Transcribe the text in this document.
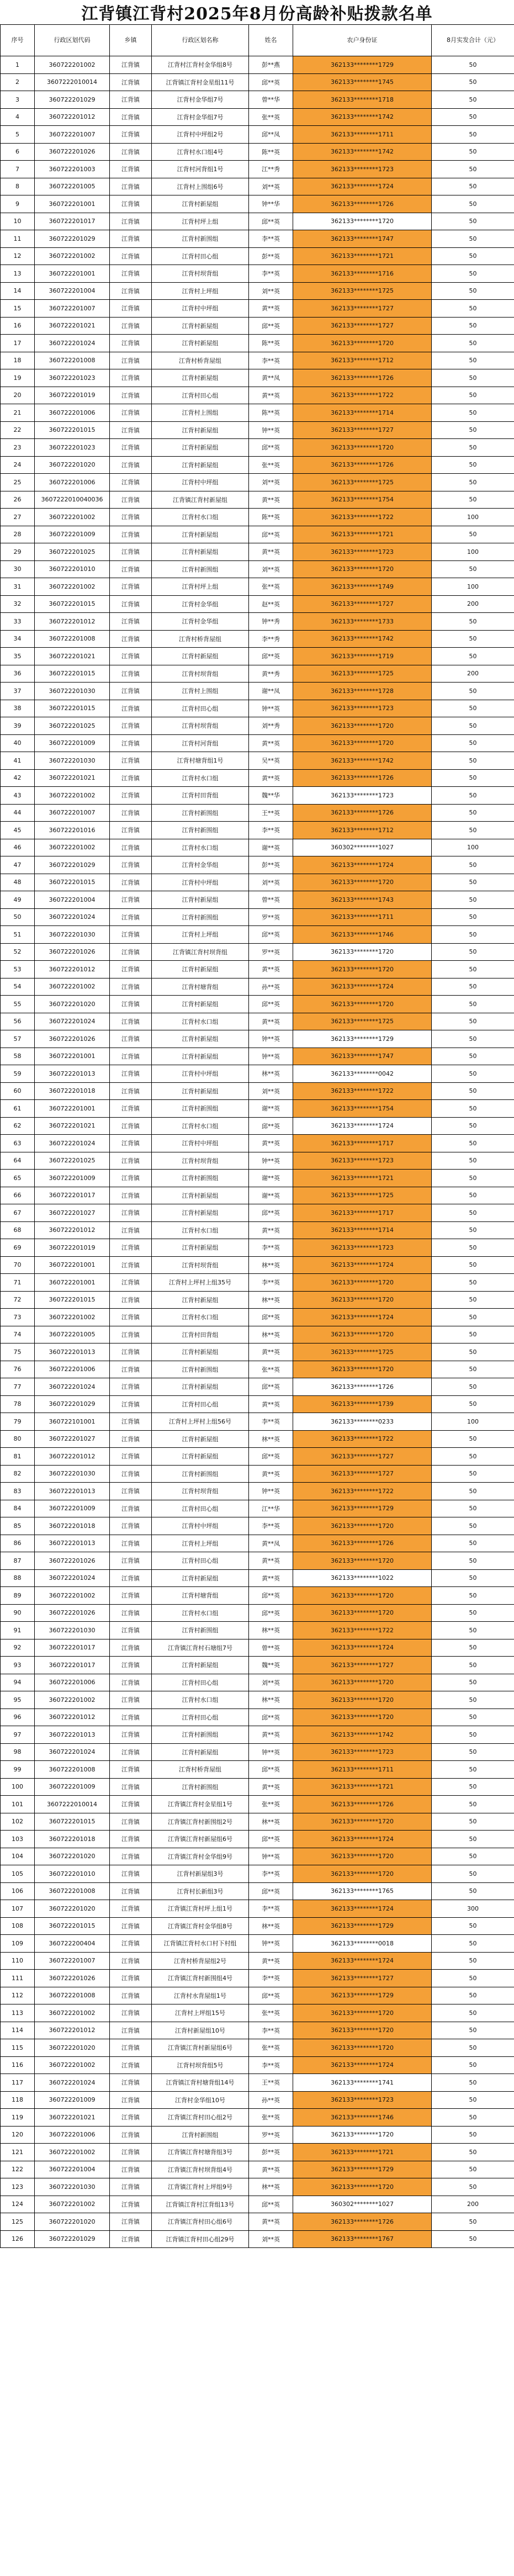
江背镇江背村2025年8月份高龄补贴拨款名单
序号	行政区划代码	乡镇	行政区划名称	姓名	农户身份证	8月实发合计（元）
1	360722201002	江背镇	江背村江背村金华组8号	彭**燕	362133********1729	50
2	3607222010014	江背镇	江背镇江背村金星组11号	邱**英	362133********1745	50
3	360722201029	江背镇	江背村金华组7号	曾**华	362133********1718	50
4	360722201012	江背镇	江背村金华组7号	张**英	362133********1742	50
5	360722201007	江背镇	江背村中坪组2号	邱**凤	362133********1711	50
6	360722201026	江背镇	江背村水口组4号	陈**英	362133********1742	50
7	360722201003	江背镇	江背村河背组1号	江**秀	362133********1723	50
8	360722201005	江背镇	江背村上围组6号	刘**英	362133********1724	50
9	360722201001	江背镇	江背村新屋组	钟**华	362133********1726	50
10	360722201017	江背镇	江背村坪上组	邱**英	362133********1720	50
11	360722201029	江背镇	江背村新围组	李**英	362133********1747	50
12	360722201002	江背镇	江背村田心组	彭**英	362133********1721	50
13	360722201001	江背镇	江背村坝背组	李**英	362133********1716	50
14	360722201004	江背镇	江背村上坪组	刘**英	362133********1725	50
15	360722201007	江背镇	江背村中坪组	黄**英	362133********1727	50
16	360722201021	江背镇	江背村新屋组	邱**英	362133********1727	50
17	360722201024	江背镇	江背村新屋组	陈**英	362133********1720	50
18	360722201008	江背镇	江背村桥背屋组	李**英	362133********1712	50
19	360722201023	江背镇	江背村新屋组	黄**凤	362133********1726	50
20	360722201019	江背镇	江背村田心组	黄**英	362133********1722	50
21	360722201006	江背镇	江背村上围组	陈**英	362133********1714	50
22	360722201015	江背镇	江背村新屋组	钟**英	362133********1727	50
23	360722201023	江背镇	江背村新屋组	邱**英	362133********1720	50
24	360722201020	江背镇	江背村新屋组	张**英	362133********1726	50
25	360722201006	江背镇	江背村中坪组	刘**英	362133********1725	50
26	3607222010040036	江背镇	江背镇江背村新屋组	黄**英	362133********1754	50
27	360722201002	江背镇	江背村水口组	陈**英	362133********1722	100
28	360722201009	江背镇	江背村新屋组	邱**英	362133********1721	50
29	360722201025	江背镇	江背村新屋组	黄**英	362133********1723	100
30	360722201010	江背镇	江背村新围组	刘**英	362133********1720	50
31	360722201002	江背镇	江背村坪上组	张**英	362133********1749	100
32	360722201015	江背镇	江背村金华组	赵**英	362133********1727	200
33	360722201012	江背镇	江背村金华组	钟**秀	362133********1733	50
34	360722201008	江背镇	江背村桥背屋组	李**秀	362133********1742	50
35	360722201021	江背镇	江背村新屋组	邱**英	362133********1719	50
36	360722201015	江背镇	江背村坝背组	黄**秀	362133********1725	200
37	360722201030	江背镇	江背村上围组	谢**凤	362133********1728	50
38	360722201015	江背镇	江背村田心组	钟**英	362133********1723	50
39	360722201025	江背镇	江背村坝背组	刘**秀	362133********1720	50
40	360722201009	江背镇	江背村河背组	黄**英	362133********1720	50
41	360722201030	江背镇	江背村塘背组1号	吴**英	362133********1742	50
42	360722201021	江背镇	江背村水口组	黄**英	362133********1726	50
43	360722201002	江背镇	江背村田背组	魏**华	362133********1723	50
44	360722201007	江背镇	江背村新围组	王**英	362133********1726	50
45	360722201016	江背镇	江背村新围组	李**英	362133********1712	50
46	360722201002	江背镇	江背村水口组	谢**英	360302********1027	100
47	360722201029	江背镇	江背村金华组	彭**英	362133********1724	50
48	360722201015	江背镇	江背村中坪组	刘**英	362133********1720	50
49	360722201004	江背镇	江背村新屋组	曾**英	362133********1743	50
50	360722201024	江背镇	江背村新围组	罗**英	362133********1711	50
51	360722201030	江背镇	江背村上坪组	邱**英	362133********1746	50
52	360722201026	江背镇	江背镇江背村坝背组	罗**英	362133********1720	50
53	360722201012	江背镇	江背村新屋组	黄**英	362133********1720	50
54	360722201002	江背镇	江背村塘背组	孙**英	362133********1724	50
55	360722201020	江背镇	江背村新屋组	邱**英	362133********1720	50
56	360722201024	江背镇	江背村水口组	黄**英	362133********1725	50
57	360722201026	江背镇	江背村新屋组	钟**英	362133********1729	50
58	360722201001	江背镇	江背村新屋组	钟**英	362133********1747	50
59	360722201013	江背镇	江背村中坪组	林**英	362133********0042	50
60	360722201018	江背镇	江背村新屋组	刘**英	362133********1722	50
61	360722201001	江背镇	江背村新围组	谢**英	362133********1754	50
62	360722201021	江背镇	江背村水口组	邱**英	362133********1724	50
63	360722201024	江背镇	江背村中坪组	黄**英	362133********1717	50
64	360722201025	江背镇	江背村坝背组	钟**英	362133********1723	50
65	360722201009	江背镇	江背村新围组	谢**英	362133********1721	50
66	360722201017	江背镇	江背村新屋组	谢**英	362133********1725	50
67	360722201027	江背镇	江背村新屋组	邱**英	362133********1717	50
68	360722201012	江背镇	江背村水口组	黄**英	362133********1714	50
69	360722201019	江背镇	江背村新屋组	李**英	362133********1723	50
70	360722201001	江背镇	江背村坝背组	林**英	362133********1724	50
71	360722201001	江背镇	江背村上坪村上组35号	李**英	362133********1720	50
72	360722201015	江背镇	江背村新屋组	林**英	362133********1720	50
73	360722201002	江背镇	江背村水口组	邱**英	362133********1724	50
74	360722201005	江背镇	江背村田背组	林**英	362133********1720	50
75	360722201013	江背镇	江背村新屋组	黄**英	362133********1725	50
76	360722201006	江背镇	江背村新围组	张**英	362133********1720	50
77	360722201024	江背镇	江背村新屋组	邱**英	362133********1726	50
78	360722201029	江背镇	江背村田心组	黄**英	362133********1739	50
79	360722101001	江背镇	江背村上坪村上组56号	李**英	362133********0233	100
80	360722201027	江背镇	江背村新屋组	林**英	362133********1722	50
81	360722201012	江背镇	江背村新屋组	邱**英	362133********1727	50
82	360722201030	江背镇	江背村新围组	黄**英	362133********1727	50
83	360722201013	江背镇	江背村坝背组	钟**英	362133********1722	50
84	360722201009	江背镇	江背村田心组	江**华	362133********1729	50
85	360722201018	江背镇	江背村中坪组	李**英	362133********1720	50
86	360722201013	江背镇	江背村上坪组	黄**凤	362133********1726	50
87	360722201026	江背镇	江背村田心组	黄**英	362133********1720	50
88	360722201024	江背镇	江背村新屋组	黄**英	362133********1022	50
89	360722201002	江背镇	江背村塘背组	邱**英	362133********1720	50
90	360722201026	江背镇	江背村水口组	邱**英	362133********1720	50
91	360722201030	江背镇	江背村新围组	林**英	362133********1722	50
92	360722201017	江背镇	江背镇江背村石塘组7号	曾**英	362133********1724	50
93	360722201017	江背镇	江背村新屋组	魏**英	362133********1727	50
94	360722201006	江背镇	江背村田心组	刘**英	362133********1720	50
95	360722201002	江背镇	江背村水口组	林**英	362133********1720	50
96	360722201012	江背镇	江背村田心组	邱**英	362133********1720	50
97	360722201013	江背镇	江背村新围组	黄**英	362133********1742	50
98	360722201024	江背镇	江背村新屋组	钟**英	362133********1723	50
99	360722201008	江背镇	江背村桥背屋组	邱**英	362133********1711	50
100	360722201009	江背镇	江背村新围组	黄**英	362133********1721	50
101	3607222010014	江背镇	江背镇江背村金星组1号	张**英	362133********1726	50
102	360722201015	江背镇	江背镇江背村新围组2号	林**英	362133********1720	50
103	360722201018	江背镇	江背镇江背村新屋组6号	邱**英	362133********1724	50
104	360722201020	江背镇	江背镇江背村金华组9号	钟**英	362133********1720	50
105	360722201010	江背镇	江背村新屋组3号	李**英	362133********1720	50
106	360722201008	江背镇	江背村长新组3号	邱**英	362133********1765	50
107	360722201020	江背镇	江背镇江背村坪上组1号	李**英	362133********1724	300
108	360722201015	江背镇	江背镇江背村金华组8号	林**英	362133********1729	50
109	360722200404	江背镇	江背镇江背村水口村下村组	钟**英	362133********0018	50
110	360722201007	江背镇	江背村桥背屋组2号	黄**英	362133********1724	50
111	360722201026	江背镇	江背镇江背村新围组4号	李**英	362133********1727	50
112	360722201008	江背镇	江背村水背屋组1号	邱**英	362133********1729	50
113	360722201002	江背镇	江背村上坪组15号	张**英	362133********1720	50
114	360722201012	江背镇	江背村新屋组10号	李**英	362133********1720	50
115	360722201020	江背镇	江背镇江背村新屋组6号	张**英	362133********1720	50
116	360722201002	江背镇	江背村坝背组5号	李**英	362133********1724	50
117	360722201024	江背镇	江背镇江背村塘背组14号	王**英	362133********1741	50
118	360722201009	江背镇	江背村金华组10号	孙**英	362133********1723	50
119	360722201021	江背镇	江背镇江背村田心组2号	张**英	362133********1746	50
120	360722201006	江背镇	江背村新围组	罗**英	362133********1720	50
121	360722201002	江背镇	江背镇江背村塘背组3号	彭**英	362133********1721	50
122	360722201004	江背镇	江背镇江背村坝背组4号	黄**英	362133********1729	50
123	360722201030	江背镇	江背镇江背村上坪组9号	林**英	362133********1720	50
124	360722201002	江背镇	江背镇江背村江背组13号	邱**英	360302********1027	200
125	360722201020	江背镇	江背镇江背村田心组6号	黄**英	362133********1726	50
126	360722201029	江背镇	江背镇江背村田心组29号	刘**英	362133********1767	50
